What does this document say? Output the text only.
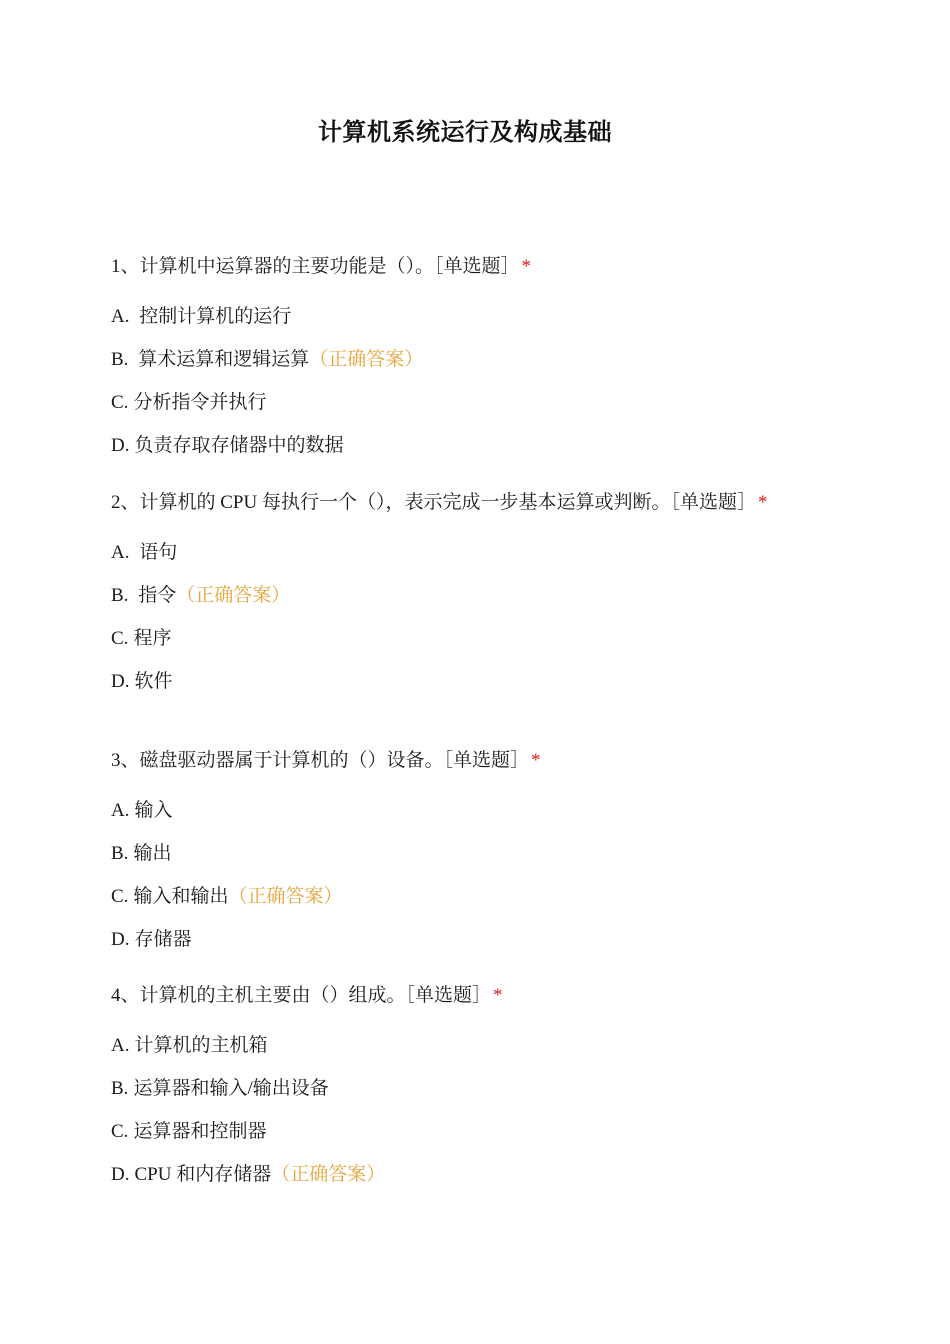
计算机系统运行及构成基础

1、计算机中运算器的主要功能是（）。［单选题］ *

A. 控制计算机的运行

B. 算术运算和逻辑运算（正确答案）

C. 分析指令并执行

D. 负责存取存储器中的数据

2、计算机的 CPU 每执行一个（），表示完成一步基本运算或判断。［单选题］ *

A. 语句

B. 指令（正确答案）

C. 程序

D. 软件

3、磁盘驱动器属于计算机的（）设备。［单选题］ *

A. 输入

B. 输出

C. 输入和输出（正确答案）

D. 存储器

4、计算机的主机主要由（）组成。［单选题］ *

A. 计算机的主机箱

B. 运算器和输入/输出设备

C. 运算器和控制器

D. CPU 和内存储器（正确答案）
